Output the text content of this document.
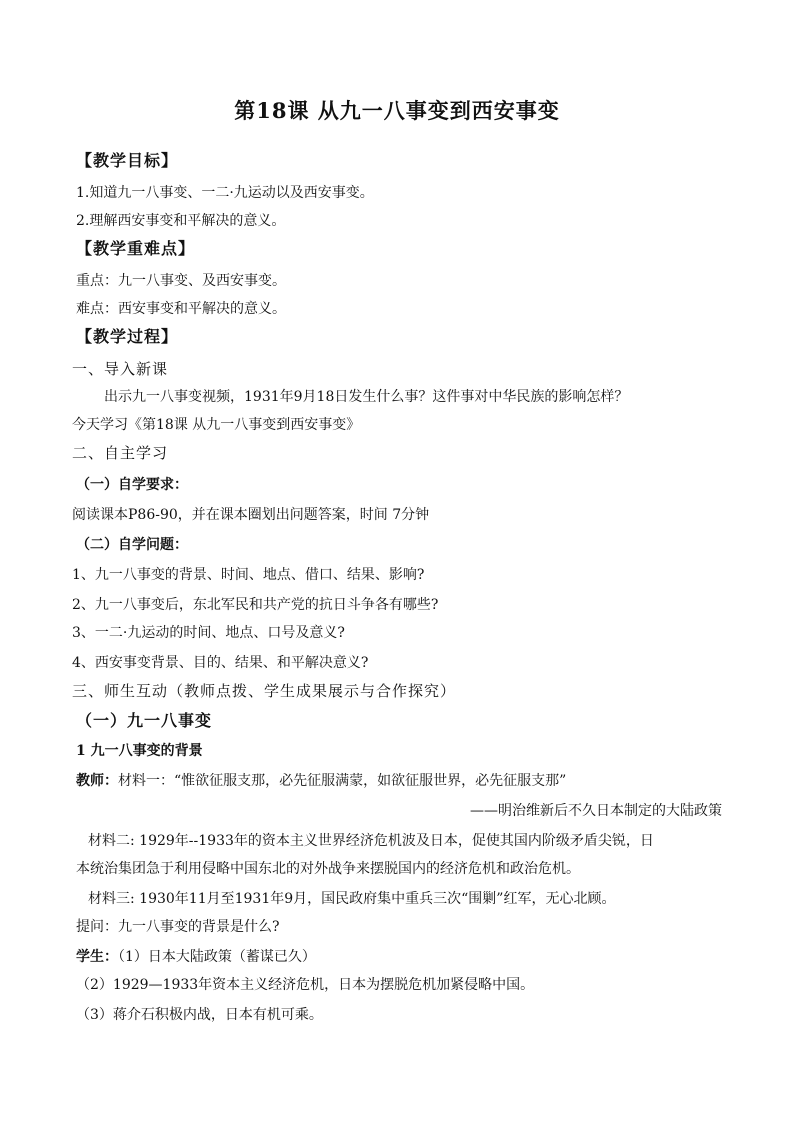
第18课 从九一八事变到西安事变
【教学目标】
1.知道九一八事变、一二·九运动以及西安事变。
2.理解西安事变和平解决的意义。
【教学重难点】
重点：九一八事变、及西安事变。
难点：西安事变和平解决的意义。
【教学过程】
一、导入新课
出示九一八事变视频，1931年9月18日发生什么事？这件事对中华民族的影响怎样？
今天学习《第18课 从九一八事变到西安事变》
二、自主学习
（一）自学要求：
阅读课本P86-90，并在课本圈划出问题答案，时间 7分钟
（二）自学问题：
1、九一八事变的背景、时间、地点、借口、结果、影响?
2、九一八事变后，东北军民和共产党的抗日斗争各有哪些?
3、一二·九运动的时间、地点、口号及意义?
4、西安事变背景、目的、结果、和平解决意义?
三、师生互动（教师点拨、学生成果展示与合作探究）
（一）九一八事变
1 九一八事变的背景
教师：材料一：“惟欲征服支那，必先征服满蒙，如欲征服世界，必先征服支那”
——明治维新后不久日本制定的大陆政策
材料二: 1929年--1933年的资本主义世界经济危机波及日本，促使其国内阶级矛盾尖锐，日
本统治集团急于利用侵略中国东北的对外战争来摆脱国内的经济危机和政治危机。
材料三: 1930年11月至1931年9月，国民政府集中重兵三次“围剿”红军，无心北顾。
提问：九一八事变的背景是什么?
学生：（1）日本大陆政策（蓄谋已久）
（2）1929—1933年资本主义经济危机，日本为摆脱危机加紧侵略中国。
（3）蒋介石积极内战，日本有机可乘。
